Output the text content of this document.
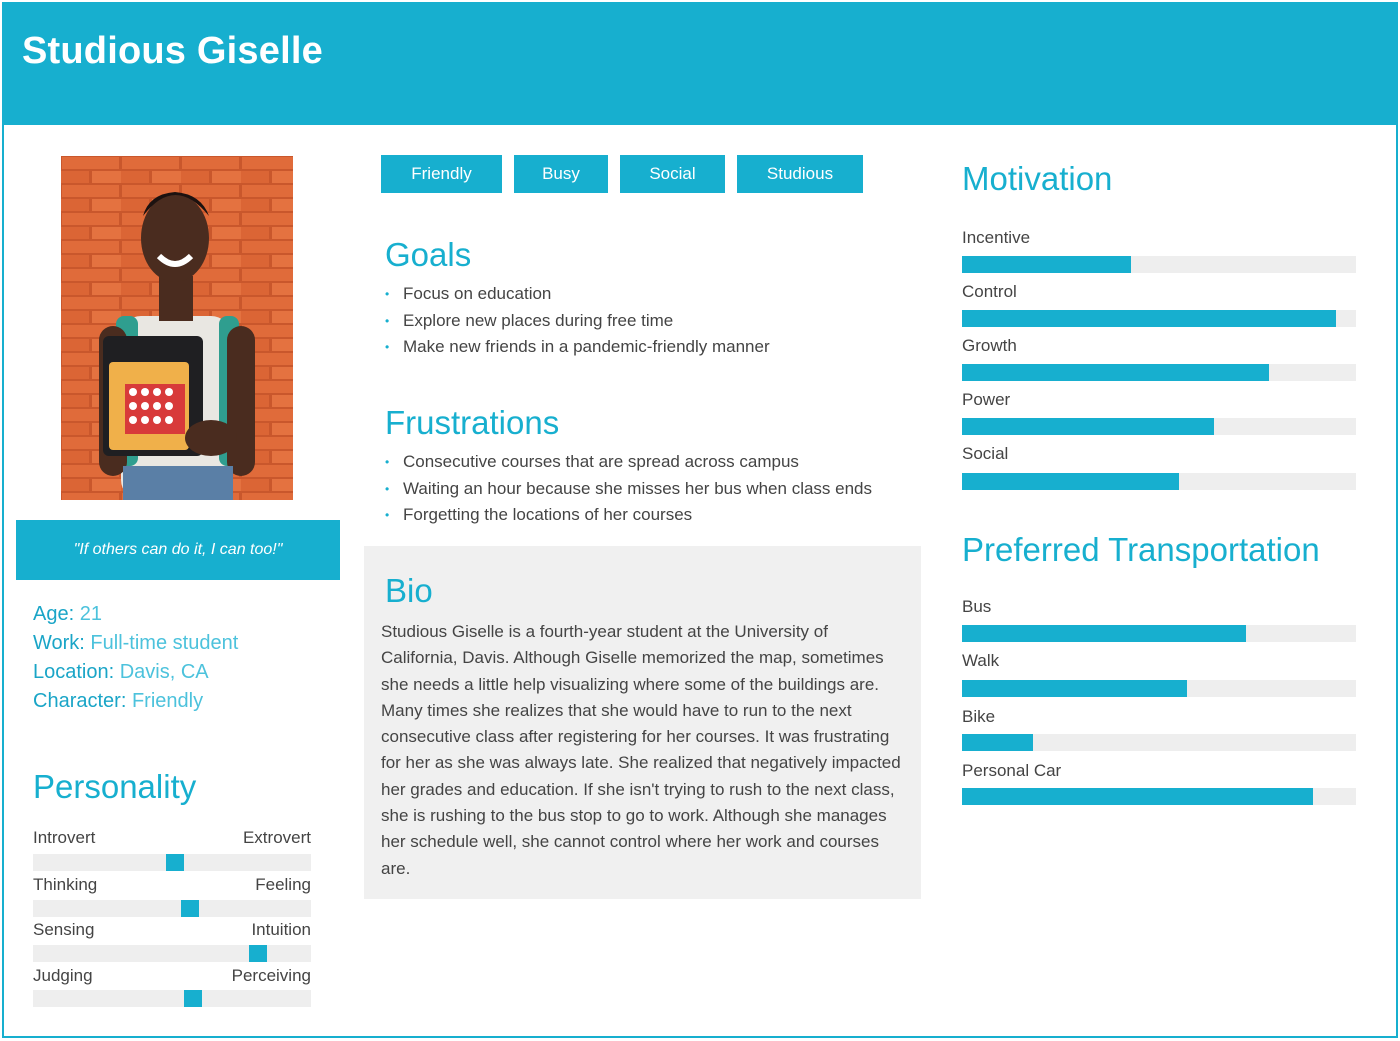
Studious Giselle
"If others can do it, I can too!"
Age: 21
Work: Full-time student
Location: Davis, CA
Character: Friendly
Personality
Introvert	Extrovert
Thinking	Feeling
Sensing	Intuition
Judging	Perceiving
Friendly	Busy	Social	Studious
Goals
• Focus on education
• Explore new places during free time
• Make new friends in a pandemic-friendly manner
Frustrations
• Consecutive courses that are spread across campus
• Waiting an hour because she misses her bus when class ends
• Forgetting the locations of her courses
Bio
Studious Giselle is a fourth-year student at the University of California, Davis. Although Giselle memorized the map, sometimes she needs a little help visualizing where some of the buildings are. Many times she realizes that she would have to run to the next consecutive class after registering for her courses. It was frustrating for her as she was always late. She realized that negatively impacted her grades and education. If she isn't trying to rush to the next class, she is rushing to the bus stop to go to work. Although she manages her schedule well, she cannot control where her work and courses are.
Motivation
Incentive
Control
Growth
Power
Social
Preferred Transportation
Bus
Walk
Bike
Personal Car
